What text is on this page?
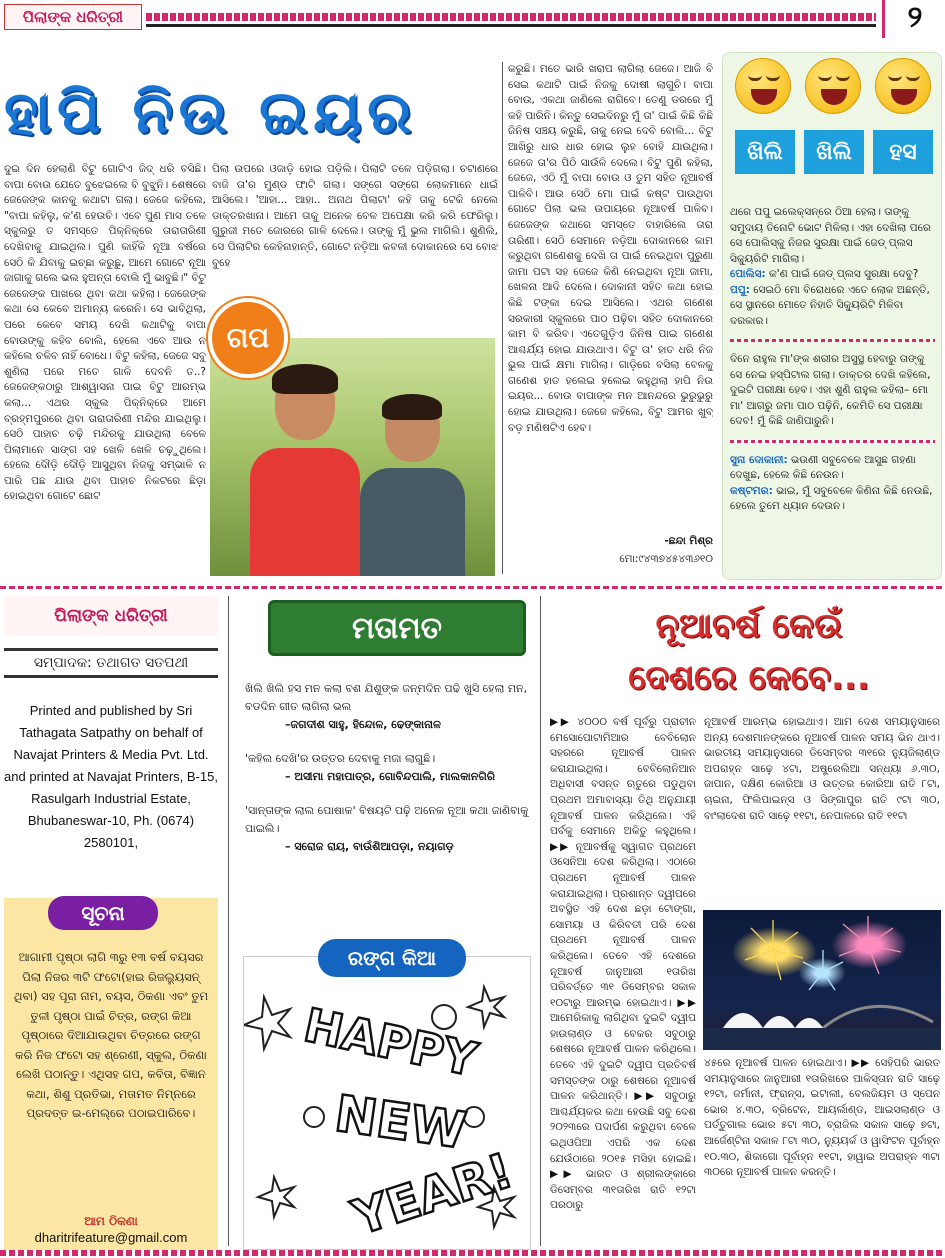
ପିଲାଙ୍କ ଧରିତ୍ରୀ	୨
ହାପି ନିଉ ଇୟର
ଦୁଇ ଦିନ ହେଲାଣି ବିଟୁ ଗୋଟିଏ ଜିଦ୍ ଧରି ବସିଛି। ବାପା ବୋଉ ଯେତେ ବୁଝେଇଲେ ବି ବୁଝୁନି। ଶେଷରେ ଜେଜେଙ୍କ କାନକୁ କଥାଟା ଗଲା। ଜେଜେ କହିଲେ, "ବାପା କହିଲୁ, କ'ଣ ହେଉଚି। ଏବେ ପୁଣ ମାସ ତଳେ ସ୍କୁଲରୁ ତ ସମସ୍ତେ ପିକ୍‌ନିକ୍‌ରେ ତାରାତାରିଣୀ ଦେଖିବାକୁ ଯାଇଥିଲ। ପୁଣି କାହିଁକି ନୂଆ ବର୍ଷରେ ସେଠି କି ଯିବାକୁ ଇଚ୍ଛା କରୁଛୁ, ଆମେ ଗୋଟେ ନୂଆ ଜାଗାକୁ ଗଲେ ଭଲ ହୁଅନ୍ତା ବୋଲି ମୁଁ ଭାବୁଛି।" ବିଟୁ ଜେଜେଙ୍କ ପାଖରେ ଥିବା କଥା କହିଲା। ଜେଜେଙ୍କ କଥା ସେ କେବେ ଅମାନ୍ୟ କରେନି। ସେ ଭାବିଥିଲା, ପରେ କେବେ ସମୟ ଦେଖି କଥାଟିକୁ ବାପା ବୋଉଙ୍କୁ କହିବ ବୋଲି, ହେଲେ ଏବେ ଆଉ ନ କହିଲେ ଚଳିବ ନାହିଁ ବୋଧେ। ବିଟୁ କହିଲା, ଜେଜେ ସବୁ ଶୁଣିଲା ପରେ ମତେ ଗାଳି ଦେବନି ତ..? ଜେଜେଙ୍କଠାରୁ ଆଶ୍ୱାସନା ପାଇ ବିଟୁ ଆରମ୍ଭ କଲା... ଏଥର ସ୍କୁଲ ପିକ୍‌ନିକ୍‌ରେ ଆମେ ବ୍ରହ୍ମପୁରରେ ଥିବା ତାରାତାରିଣୀ ମନ୍ଦିର ଯାଇଥିଲୁ। ସେଠି ପାହାଚ ଚଢ଼ି ମନ୍ଦିରକୁ ଯାଉଥିଲା ବେଳେ ପିଲାମାନେ ସାଙ୍ଗ ସହ ଖେଳି ଖେଳି ଚଢ଼ୁଥିଲେ। ହେଲେ ଦୌଡ଼ି ଦୌଡ଼ି ଆସୁଥିବା ନିଜକୁ ସମ୍ଭାଳି ନ ପାରି ପଛ ଯାଉ ଥିବା ପାହାଚ ନିକଟରେ ଛିଡ଼ା ହୋଇଥିବା ଗୋଟେ ଛୋଟ
ପିଲା ଉପରେ ଓଜାଡ଼ି ହୋଇ ପଡ଼ିଲି। ପିଲାଟି ତଳେ ପଡ଼ିଗଲା। ଚଟାଣରେ ବାଜି ତା'ର ମୁଣ୍ଡ ଫାଟି ଗଲା। ସଙ୍ଗେ ସଙ୍ଗେ ଲୋକମାନେ ଧାଇଁ ଆସିଲେ। 'ଆହା... ଆହା.. ଅନାଥ ପିଲାଟା' କହି ତାକୁ ଟେକି ନେଲେ ଡାକ୍ତରଖାନା। ଆମେ ତାକୁ ଅନେକ ବେଳ ଅପେକ୍ଷା କରି କରି ଫେରିଲୁ। ଗୁରୁଜୀ ମତେ ଜୋରରେ ଗାଳି ଦେଲେ। ତାଙ୍କୁ ମୁଁ ଭୁଲ ମାଗିଲି। ଶୁଣିଲି, ସେ ପିଲାଟିର କେହିନାହାନ୍ତି, ଗୋଟେ ନଡ଼ିଆ କବଳୀ ଦୋକାନରେ ସେ ବୋଝ ବୁହେ
ଗପ
କରୁଛି। ମତେ ଭାରି ଖରାପ ଲାଗିଲା ଜେଜେ। ଆଜି ବି ସେଇ କଥାଟି ପାଇଁ ନିଜକୁ ଦୋଷୀ ଲାଗୁଚି। ବାପା ବୋଉ, ଏକଥା ଜାଣିଲେ ରାଗିବେ। ତେଣୁ ଡରରେ ମୁଁ କହି ପାରିନି। କିନ୍ତୁ ସେଇଦିନରୁ ମୁଁ ତା' ପାଇଁ କିଛି କିଛି ଜିନିଷ ସଞ୍ଚୟ କରୁଛି, ତାକୁ ନେଇ ଦେବି ବୋଲି... ବିଟୁ ଆଖିରୁ ଧାର ଧାର ହୋଇ ଲୁହ ବୋହି ଯାଉଥିଲା। ଜେଜେ ତା'ର ପିଠି ସାଉଁଳି ଦେଲେ। ବିଟୁ ପୁଣି କହିଲା, ଜେଜେ, ଏଠି ମୁଁ ବାପା ବୋଉ ଓ ତୁମ ସହିତ ନୂଆବର୍ଷ ପାଳିବି। ଆଉ ସେଠି ମୋ ପାଇଁ କଷ୍ଟ ପାଉଥିବା ଗୋଟେ ପିଲା ଭଲ ଉପାୟରେ ନୂଆବର୍ଷ ପାଳିବ। ଜେଜେଙ୍କ କଥାରେ ସମସ୍ତେ ବାହାରିଲେ ତାରା ତାରିଣୀ। ସେଠି ସେମାନେ ନଡ଼ିଆ ଦୋକାନରେ କାମ କରୁଥିବା ଗଣେଶକୁ ଦେଖି ତା ପାଇଁ ନେଇଥିବା ପୁରୁଣା ଜାମା ପଟା ସହ ଜେଜେ କିଣି ନେଇଥିବା ନୂଆ ଜାମା, ଖେଳନା ଆଦି ଦେଲେ। ଦୋକାନୀ ସହିତ କଥା ହୋଇ କିଛି ଟଙ୍କା ଦେଇ ଆସିଲେ। ଏଥର ଗଣେଶ ସରକାରୀ ସ୍କୁଲରେ ପାଠ ପଢ଼ିବା ସହିତ ଦୋକାନରେ କାମ ବି କରିବ। ଏତେଗୁଡ଼ିଏ ଜିନିଷ ପାଇ ଗଣେଶ ଆଶ୍ଚର୍ଯ୍ୟ ହୋଇ ଯାଉଥାଏ। ବିଟୁ ତା' ହାତ ଧରି ନିଜ ଭୁଲ ପାଇଁ କ୍ଷମା ମାଗିଲା। ଗାଡ଼ିରେ ବସିଲା ବେଳକୁ ଗଣେଶ ହାତ ହଲେଇ ହଲେଇ କହୁଥିଲା ହାପି ନିଉ ଇୟର... ବୋଉ ବାପାଙ୍କ ମନ ଆନନ୍ଦରେ ଭୁରୁଭୁରୁ ହୋଇ ଯାଉଥିଲା। ଜେଜେ କହିଲେ, ବିଟୁ ଆମର ଖୁବ୍ ବଡ଼ ମଣିଷଟିଏ ହେବ।
-ଛନ୍ଦା ମିଶ୍ର
ମୋ:୯୪୩୭୪୫୪୩୬୧୦
ଖିଲି	ଖିଲି	ହସ

ଥରେ ପପୁ ଇଲେକ୍ସନ୍‌ରେ ଠିଆ ହେଲା। ତାଙ୍କୁ ସମୁଦାୟ ତିନୋଟି ଭୋଟ ମିଳିଲା। ଏହା ଦେଖିଲା ପରେ ସେ ପୋଲିସ୍‌କୁ ନିଜର ସୁରକ୍ଷା ପାଇଁ ଜେଡ୍ ପ୍ଲସ ସିକ୍ୟୁରିଟି ମାଗିଲା।

ପୋଲିସ: କ'ଣ ପାଇଁ ଜେଡ୍ ପ୍ଲସ ସୁରକ୍ଷା ଦେବୁ?

ପପୁ: ସେଇଠି ମୋ ବିରୋଧରେ ଏତେ ଲୋକ ଅଛନ୍ତି, ସେ ସ୍ଥାନରେ ମୋତେ ନିହାତି ସିକ୍ୟୁରିଟି ମିଳିବା ଦରକାର।

ଦିନେ ରାହୁଲ ମା'ଙ୍କ ଶରୀର ଅସୁସ୍ଥ ହେବାରୁ ତାଙ୍କୁ ସେ ନେଇ ହସ୍ପିଟାଲ ଗଲା। ଡାକ୍ତର ଦେଖି କହିଲେ, ଦୁଇଟି ପରୀକ୍ଷା ହେବ। ଏହା ଶୁଣି ରାହୁଲ କହିଲା– ମୋ ମା' ଆଗରୁ ଜମା ପାଠ ପଢ଼ିନି, କେମିତି ସେ ପରୀକ୍ଷା ଦେବ! ମୁଁ କିଛି ଜାଣିପାରୁନି।

ସୁନା ଦୋକାନୀ: ଭଉଣୀ ସବୁବେଳେ ଆସୁଛ ଗହଣା ଦେଖୁଛ, ହେଲେ କିଛି ନେଉନ।

କଷ୍ଟମର: ଭାଇ, ମୁଁ ସବୁବେଳେ କିଣିନା କିଛି ନେଉଛି, ହେଲେ ତୁମେ ଧ୍ୟାନ ଦେଉନ।

ପିଲାଙ୍କ ଧରିତ୍ରୀ
ସମ୍ପାଦକ: ତଥାଗତ ସତପଥୀ
Printed and published by Sri Tathagata Satpathy on behalf of Navajat Printers & Media Pvt. Ltd. and printed at Navajat Printers, B-15, Rasulgarh Industrial Estate, Bhubaneswar-10, Ph. (0674) 2580101,
ସୂଚନା
ଆଗାମୀ ପୃଷ୍ଠା ଲାଗି ୩ରୁ ୧୩ ବର୍ଷ ବୟସର ପିଲା ନିଜର ୩ଟି ଫଟୋ(ହାଇ ରିଜଲ୍ୟୁସନ୍ ଥିବା) ସହ ପୂରା ନାମ, ବୟସ, ଠିକଣା ଏବଂ ତୁମ ତୁଳୀ ପୃଷ୍ଠା ପାଇଁ ଚିତ୍ର, ରଙ୍ଗ କିଆ ପୃଷ୍ଠାରେ ଦିଆଯାଉଥିବା ଚିତ୍ରରେ ରଙ୍ଗ କରି ନିଜ ଫଟୋ ସହ ଶ୍ରେଣୀ, ସ୍କୁଲ, ଠିକଣା ଲେଖି ପଠାନ୍ତୁ। ଏଥିସହ ଗପ, କବିତା, ବିଜ୍ଞାନ କଥା, ଶିଶୁ ପ୍ରତିଭା, ମତାମତ ନିମ୍ନରେ ପ୍ରଦତ୍ତ ଇ-ମେଲ୍‌ରେ ପଠାଇପାରିବେ।
ଆମ ଠିକଣା
dharitrifeature@gmail.com
ମତାମତ

ଖିଲି ଖିଲି ହସ ମନ କଲା ବଶ ଯିଶୁଙ୍କ ଜନ୍ମଦିନ ପଢି ଖୁସି ହେଲା ମନ, ବଡଦିନ ଗୀତ ଲାଗିଲା ଭଲ

–ଜଗଦୀଶ ସାହୁ, ହିନ୍ଦୋଳ, ଢେଙ୍କାନାଳ

'କହିଲ ଦେଖି'ର ଉତ୍ତର ଦେବାକୁ ମଜା ଲାଗୁଛି।

– ଅସୀମା ମହାପାତ୍ର, ଗୋବିନ୍ଦପାଲି, ମାଲକାନଗିରି

'ସାନ୍ତାଙ୍କ ଲାଲ ପୋଷାକ' ବିଷୟଟି ପଢ଼ି ଅନେକ ନୂଆ କଥା ଜାଣିବାକୁ ପାଇଲି।

– ସରୋଜ ରାୟ, ବାଉଁଶିଆପଡ଼ା, ନୟାଗଡ଼

ରଙ୍ଗ କିଆ
HAPPY
NEW
YEAR!
ନୂଆବର୍ଷ କେଉଁ
ଦେଶରେ କେବେ...
▶▶ ୪୦୦୦ ବର୍ଷ ପୂର୍ବରୁ ପ୍ରାଚୀନ ମେସୋପୋଟାମିଆର ବେବିଲୋନ ସହରରେ ନୂଆବର୍ଷ ପାଳନ କରାଯାଇଥିଲା। ବେବିଲୋନିଆନ ଅଧିବାସୀ ବସନ୍ତ ଋତୁରେ ପଡୁଥିବା ପ୍ରଥମ ଅମାବାସ୍ୟା ତିଥି ଅନୁଯାୟୀ ନୂଆବର୍ଷ ପାଳନ କରିଥିଲେ। ଏହି ପର୍ବକୁ ସେମାନେ ଅକିତୁ କହୁଥିଲେ। ▶▶ ନୂଆବର୍ଷକୁ ସ୍ୱାଗତ ପ୍ରଥମେ ଓସେନିଆ ଦେଶ କରିଥିଲା। ଏଠାରେ ପ୍ରଥମେ ନୂଆବର୍ଷ ପାଳନ କରାଯାଇଥିଲା। ପ୍ରଶାନ୍ତ ଦ୍ୱୀପରେ ଅବସ୍ଥିତ ଏହି ଦେଶ ଛଡ଼ା ଟୋଙ୍ଗା, ସୋମୟା ଓ କିରିବତୀ ପରି ଦେଶ ପ୍ରଥମେ ନୂଆବର୍ଷ ପାଳନ କରିଥିଲେ। ତେବେ ଏହି ଦେଶରେ ନୂଆବର୍ଷ ଜାନୁଆରୀ ୧ତାରିଖ ପରିବର୍ତ୍ତେ ୩୧ ଡିସେମ୍ବର ସକାଳ ୧୦ଟାରୁ ଆରମ୍ଭ ହୋଇଥାଏ। ▶▶ ଆମେରିକାକୁ ଲାଗିଥିବା ଦୁଇଟି ଦ୍ୱୀପ ହାଉଲାଣ୍ଡ ଓ ବେକର ସବୁଠାରୁ ଶେଷରେ ନୂଆବର୍ଷ ପାଳନ କରିଥିଲେ। ତେବେ ଏହି ଦୁଇଟି ଦ୍ୱୀପ ପ୍ରତିବର୍ଷ ସମସ୍ତଙ୍କ ଠାରୁ ଶେଷରେ ନୂଆବର୍ଷ ପାଳନ କରିଥାନ୍ତି। ▶▶ ସବୁଠାରୁ ଆଶ୍ଚର୍ଯ୍ୟକର କଥା ହେଉଛି ସବୁ ଦେଶ ୨୦୨୩ରେ ପଦାର୍ପଣ କରୁଥିବା ବେଳେ ଇଥିଓପିଆ ଏପରି ଏକ ଦେଶ ଯେଉଁଠାରେ ୨୦୧୫ ମସିହା ହୋଇଛି। ▶▶ ଭାରତ ଓ ଶ୍ରୀଲଙ୍କାରେ ଡିସେମ୍ବର ୩୧ତାରିଖ ରାତି ୧୨ଟା ପରଠାରୁ
ନୂଆବର୍ଷ ଆରମ୍ଭ ହୋଇଥାଏ। ଆମ ଦେଶ ସମୟାନୁସାରେ ଅନ୍ୟ ଦେଶମାନଙ୍କରେ ନୂଆବର୍ଷ ପାଳନ ସମୟ ଭିନ ଥାଏ। ଭାରତୀୟ ସମୟାନୁସାରେ ଡିସେମ୍ବର ୩୧ରେ ନ୍ୟୁଜିଲାଣ୍ଡ ଅପରାହ୍ନ ସାଢ଼େ ୪ଟା, ଅଷ୍ଟ୍ରେଲିଆ ସନ୍ଧ୍ୟା ୬.୩୦, ଜାପାନ, ଦକ୍ଷିଣ କୋରିଆ ଓ ଉତ୍ତର କୋରିଆ ରାତି ୮ଟା, ଚାଇନା, ଫିଲିପାଇନ୍ସ ଓ ସିଙ୍ଗାପୁର ରାତି ୯ଟା ୩୦, ବାଂଲାଦେଶ ରାତି ସାଢ଼େ ୧୧ଟା, ନେପାଳରେ ରାତି ୧୧ଟା
୪୫ରେ ନୂଆବର୍ଷ ପାଳନ ହୋଇଥାଏ। ▶▶ ସେହିପରି ଭାରତ ସମୟାନୁସାରେ ଜାନୁଆରୀ ୧ତାରିଖରେ ପାକିସ୍ତାନ ରାତି ସାଢ଼େ ୧୨ଟା, ଜର୍ମାନୀ, ଫ୍ରାନ୍ସ, ଇଟାଲୀ, ବେଲଜିୟମ ଓ ସ୍ପେନ ଭୋର ୪.୩୦, ବ୍ରିଟେନ, ଆୟର୍ଲାଣ୍ଡ, ଆଇସଲାଣ୍ଡ ଓ ପର୍ତ୍ତୁଗାଲ ଭୋର ୫ଟା ୩୦, ବ୍ରାଜିଲ ସକାଳ ସାଢ଼େ ୭ଟା, ଆର୍ଜେଣ୍ଟିନା ସକାଳ ୮ଟା ୩୦, ନ୍ୟୁୟର୍କ ଓ ୱାସିଂଟନ ପୂର୍ବାହ୍ନ ୧୦.୩୦, ଶିକାଗୋ ପୂର୍ବାହ୍ନ ୧୧ଟା, ହାୱାଇ ଅପରାହ୍ନ ୩ଟା ୩୦ରେ ନୂଆବର୍ଷ ପାଳନ କରନ୍ତି।
